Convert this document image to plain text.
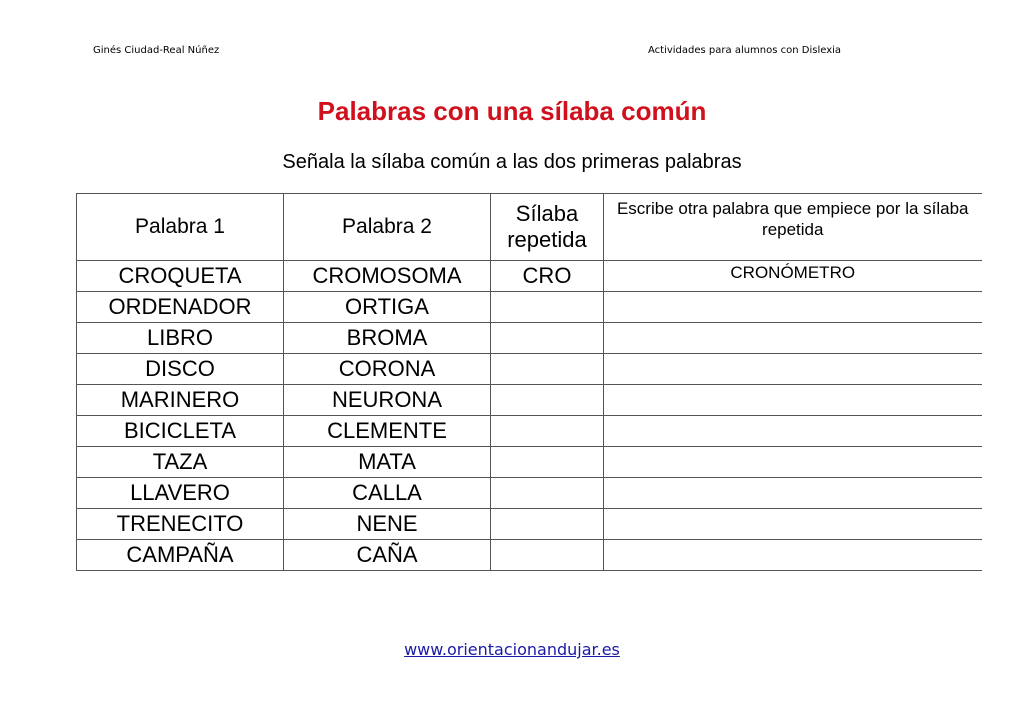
Ginés Ciudad-Real Núñez	Actividades para alumnos con Dislexia
Palabras con una sílaba común
Señala la sílaba común a las dos primeras palabras
Palabra 1	Palabra 2	Sílaba repetida	Escribe otra palabra que empiece por la sílaba repetida
CROQUETA	CROMOSOMA	CRO	CRONÓMETRO
ORDENADOR	ORTIGA		
LIBRO	BROMA		
DISCO	CORONA		
MARINERO	NEURONA		
BICICLETA	CLEMENTE		
TAZA	MATA		
LLAVERO	CALLA		
TRENECITO	NENE		
CAMPAÑA	CAÑA		
www.orientacionandujar.es
